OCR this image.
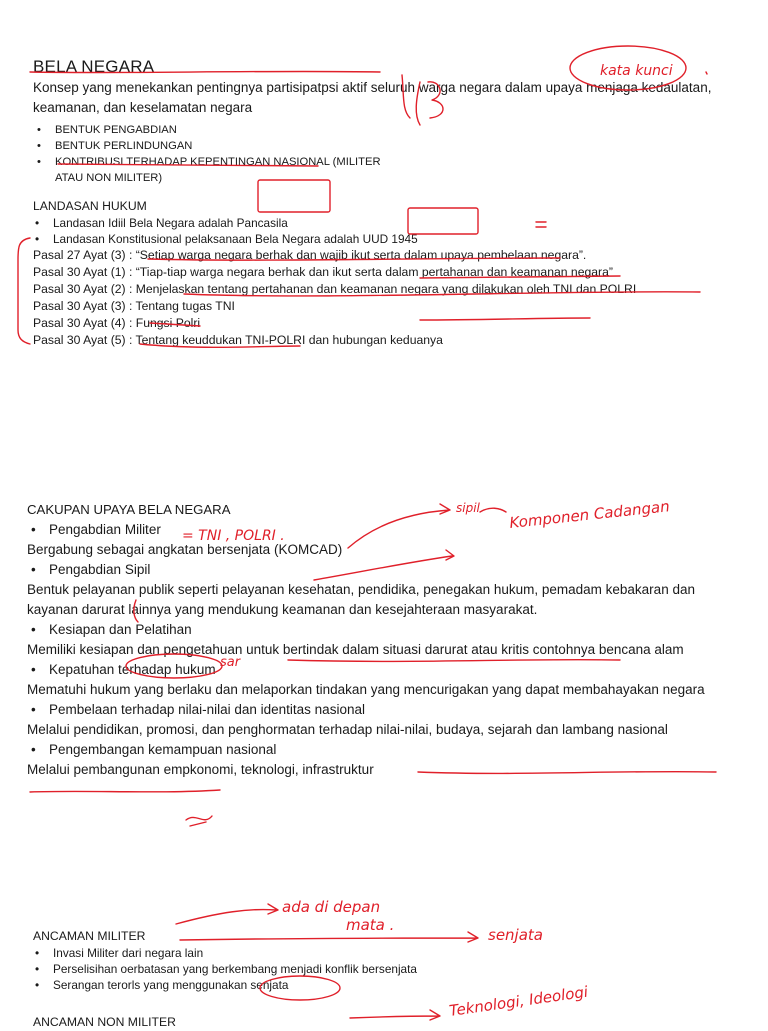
BELA NEGARA
Konsep yang menekankan pentingnya partisipatpsi aktif seluruh warga negara dalam upaya menjaga kedaulatan, keamanan, dan keselamatan negara
• BENTUK PENGABDIAN
• BENTUK PERLINDUNGAN
• KONTRIBUSI TERHADAP KEPENTINGAN NASIONAL (MILITER ATAU NON MILITER)
LANDASAN HUKUM
• Landasan Idiil Bela Negara adalah Pancasila
• Landasan Konstitusional pelaksanaan Bela Negara adalah UUD 1945
Pasal 27 Ayat (3) : “Setiap warga negara berhak dan wajib ikut serta dalam upaya pembelaan negara”.
Pasal 30 Ayat (1) : “Tiap-tiap warga negara berhak dan ikut serta dalam pertahanan dan keamanan negara”
Pasal 30 Ayat (2) : Menjelaskan tentang pertahanan dan keamanan negara yang dilakukan oleh TNI dan POLRI
Pasal 30 Ayat (3) : Tentang tugas TNI
Pasal 30 Ayat (4) : Fungsi Polri
Pasal 30 Ayat (5) : Tentang keuddukan TNI-POLRI dan hubungan keduanya
CAKUPAN UPAYA BELA NEGARA
• Pengabdian Militer
Bergabung sebagai angkatan bersenjata (KOMCAD)
• Pengabdian Sipil
Bentuk pelayanan publik seperti pelayanan kesehatan, pendidika, penegakan hukum, pemadam kebakaran dan kayanan darurat lainnya yang mendukung keamanan dan kesejahteraan masyarakat.
• Kesiapan dan Pelatihan
Memiliki kesiapan dan pengetahuan untuk bertindak dalam situasi darurat atau kritis contohnya bencana alam
• Kepatuhan terhadap hukum
Mematuhi hukum yang berlaku dan melaporkan tindakan yang mencurigakan yang dapat membahayakan negara
• Pembelaan terhadap nilai-nilai dan identitas nasional
Melalui pendidikan, promosi, dan penghormatan terhadap nilai-nilai, budaya, sejarah dan lambang nasional
• Pengembangan kemampuan nasional
Melalui pembangunan empkonomi, teknologi, infrastruktur
ANCAMAN MILITER
• Invasi Militer dari negara lain
• Perselisihan oerbatasan yang berkembang menjadi konflik bersenjata
• Serangan terorls yang menggunakan senjata
ANCAMAN NON MILITER
kata kunci
sipil Komponen Cadangan
= TNI , POLRI .
sar
ada di depan
mata .
senjata
Teknologi, Ideologi
